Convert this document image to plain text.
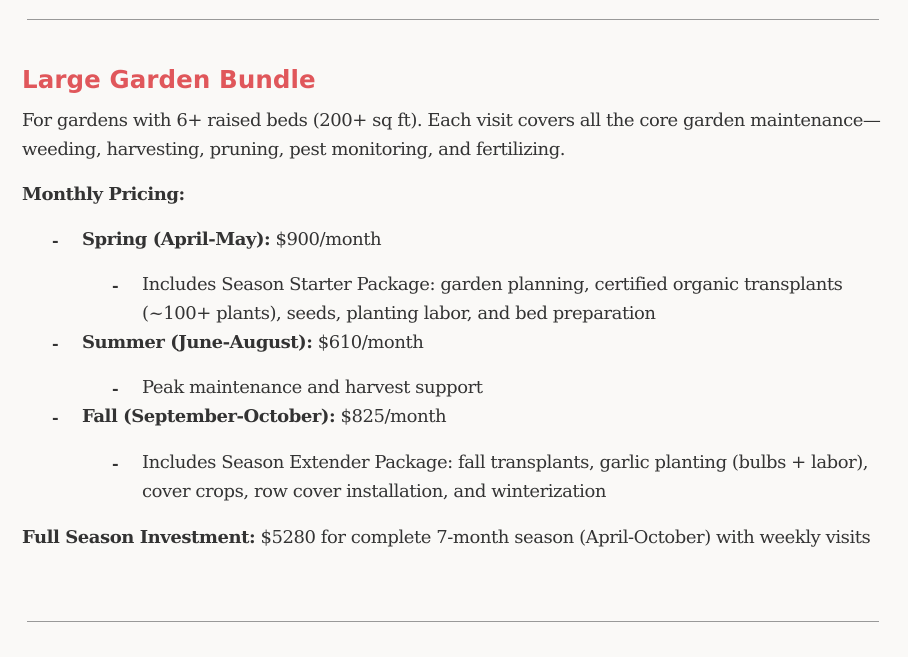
Large Garden Bundle

For gardens with 6+ raised beds (200+ sq ft). Each visit covers all the core garden maintenance—weeding, harvesting, pruning, pest monitoring, and fertilizing.

Monthly Pricing:

- Spring (April-May): $900/month
- Includes Season Starter Package: garden planning, certified organic transplants (~100+ plants), seeds, planting labor, and bed preparation
- Summer (June-August): $610/month
- Peak maintenance and harvest support
- Fall (September-October): $825/month
- Includes Season Extender Package: fall transplants, garlic planting (bulbs + labor), cover crops, row cover installation, and winterization

Full Season Investment: $5280 for complete 7-month season (April-October) with weekly visits
